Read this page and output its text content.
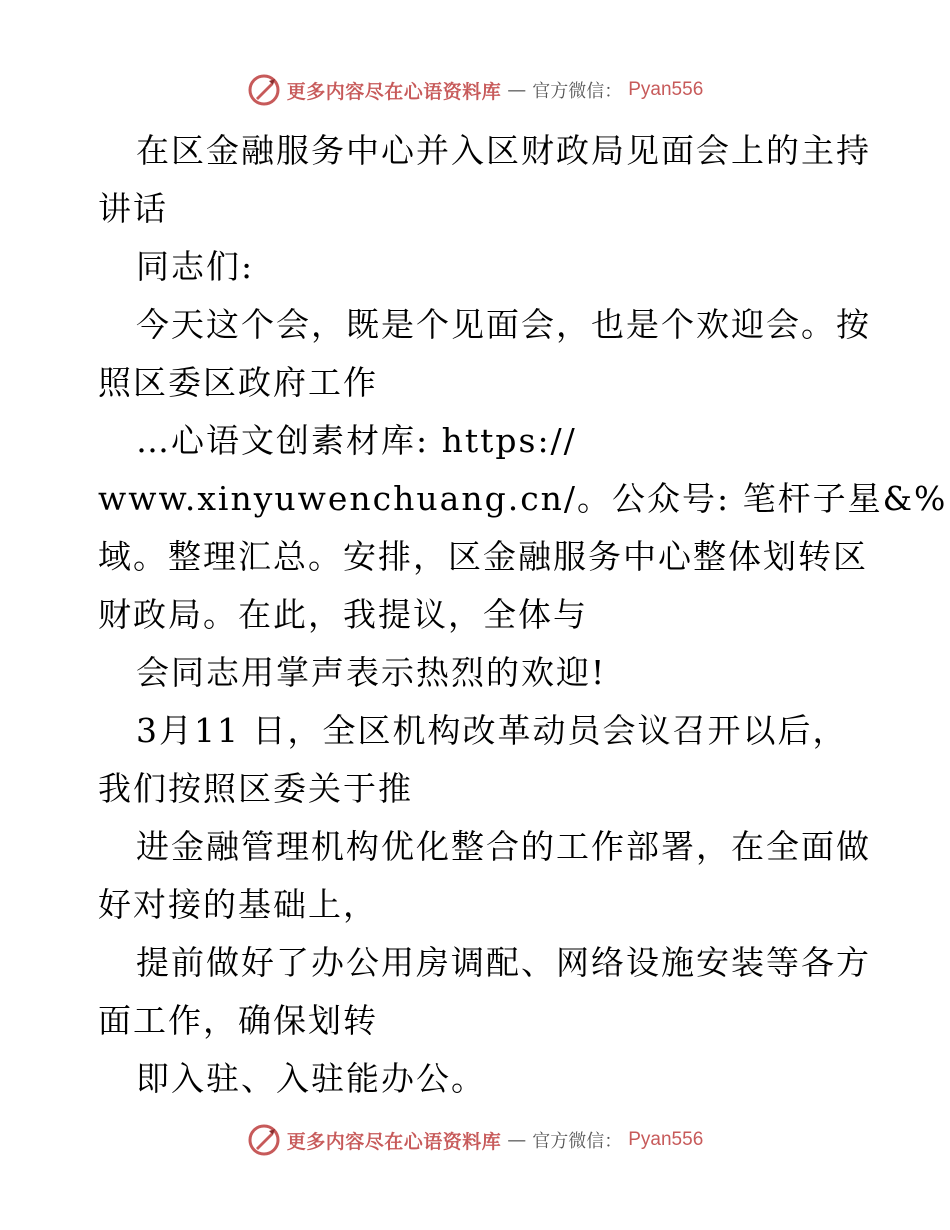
更多内容尽在心语资料库 — 官方微信： Pyan556
在区金融服务中心并入区财政局见面会上的主持
讲话
同志们:
今天这个会，既是个见面会，也是个欢迎会。按
照区委区政府工作
…心语文创素材库: https://
www.xinyuwenchuang.cn/。公众号: 笔杆子星&%
域。整理汇总。安排，区金融服务中心整体划转区
财政局。在此，我提议，全体与
会同志用掌声表示热烈的欢迎!
3月11 日，全区机构改革动员会议召开以后，
我们按照区委关于推
进金融管理机构优化整合的工作部署，在全面做
好对接的基础上，
提前做好了办公用房调配、网络设施安装等各方
面工作，确保划转
即入驻、入驻能办公。
更多内容尽在心语资料库 — 官方微信： Pyan556
